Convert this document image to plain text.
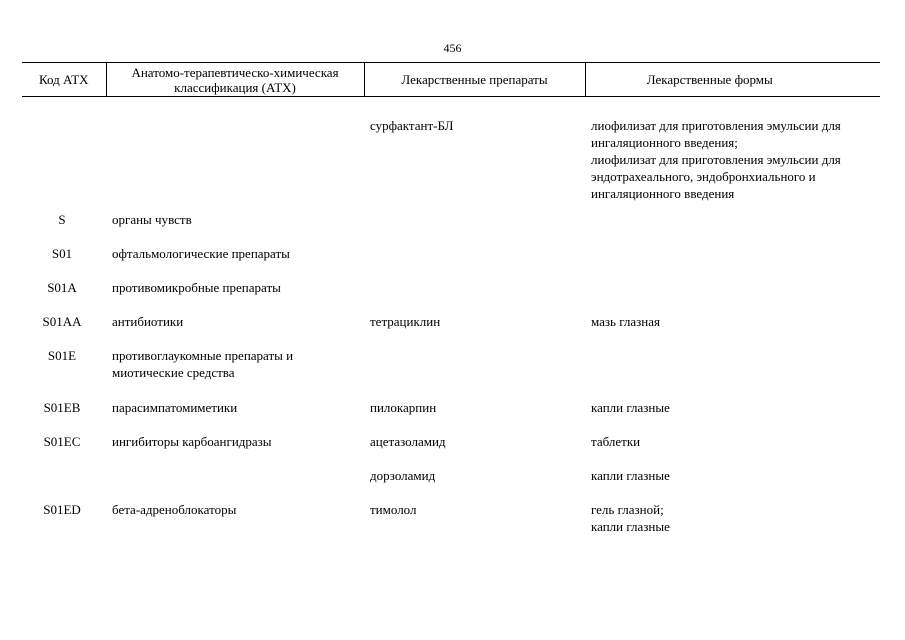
456
Код АТХ	Анатомо-терапевтическо-химическая классификация (АТХ)	Лекарственные препараты	Лекарственные формы
		сурфактант-БЛ	лиофилизат для приготовления эмульсии для ингаляционного введения;
лиофилизат для приготовления эмульсии для эндотрахеального, эндобронхиального и ингаляционного введения

S	органы чувств		
S01	офтальмологические препараты		
S01A	противомикробные препараты		
S01AA	антибиотики	тетрациклин	мазь глазная
S01E	противоглаукомные препараты и миотические средства		
S01EB	парасимпатомиметики	пилокарпин	капли глазные
S01EC	ингибиторы карбоангидразы	ацетазоламид	таблетки
		дорзоламид	капли глазные
S01ED	бета-адреноблокаторы	тимолол	гель глазной;
капли глазные
